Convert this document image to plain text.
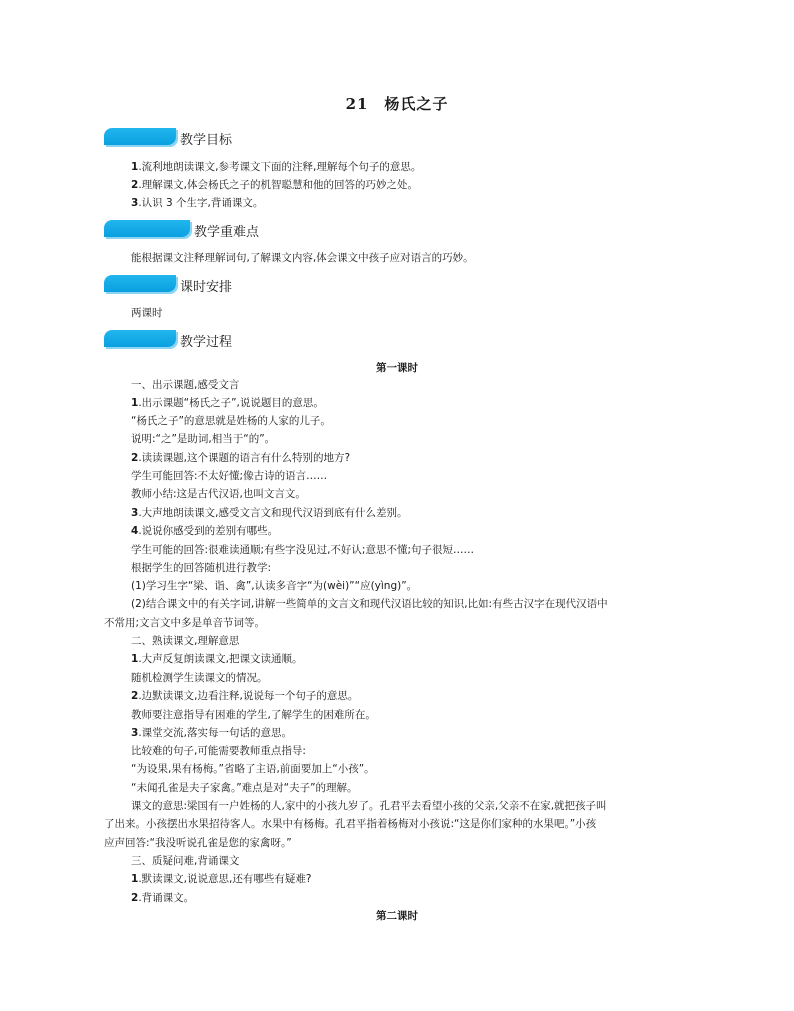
21　杨氏之子
教学目标
1.流利地朗读课文,参考课文下面的注释,理解每个句子的意思。
2.理解课文,体会杨氏之子的机智聪慧和他的回答的巧妙之处。
3.认识 3 个生字,背诵课文。
教学重难点
能根据课文注释理解词句,了解课文内容,体会课文中孩子应对语言的巧妙。
课时安排
两课时
教学过程
第一课时
一、出示课题,感受文言
1.出示课题“杨氏之子”,说说题目的意思。
“杨氏之子”的意思就是姓杨的人家的儿子。
说明:“之”是助词,相当于“的”。
2.读读课题,这个课题的语言有什么特别的地方?
学生可能回答:不太好懂;像古诗的语言……
教师小结:这是古代汉语,也叫文言文。
3.大声地朗读课文,感受文言文和现代汉语到底有什么差别。
4.说说你感受到的差别有哪些。
学生可能的回答:很难读通顺;有些字没见过,不好认;意思不懂;句子很短……
根据学生的回答随机进行教学:
(1)学习生字“梁、诣、禽”,认读多音字“为(wèi)”“应(yìng)”。
(2)结合课文中的有关字词,讲解一些简单的文言文和现代汉语比较的知识,比如:有些古汉字在现代汉语中
不常用;文言文中多是单音节词等。
二、熟读课文,理解意思
1.大声反复朗读课文,把课文读通顺。
随机检测学生读课文的情况。
2.边默读课文,边看注释,说说每一个句子的意思。
教师要注意指导有困难的学生,了解学生的困难所在。
3.课堂交流,落实每一句话的意思。
比较难的句子,可能需要教师重点指导:
“为设果,果有杨梅。”省略了主语,前面要加上“小孩”。
“未闻孔雀是夫子家禽。”难点是对“夫子”的理解。
课文的意思:梁国有一户姓杨的人,家中的小孩九岁了。孔君平去看望小孩的父亲,父亲不在家,就把孩子叫
了出来。小孩摆出水果招待客人。水果中有杨梅。孔君平指着杨梅对小孩说:“这是你们家种的水果吧。”小孩
应声回答:“我没听说孔雀是您的家禽呀。”
三、质疑问难,背诵课文
1.默读课文,说说意思,还有哪些有疑难?
2.背诵课文。
第二课时
